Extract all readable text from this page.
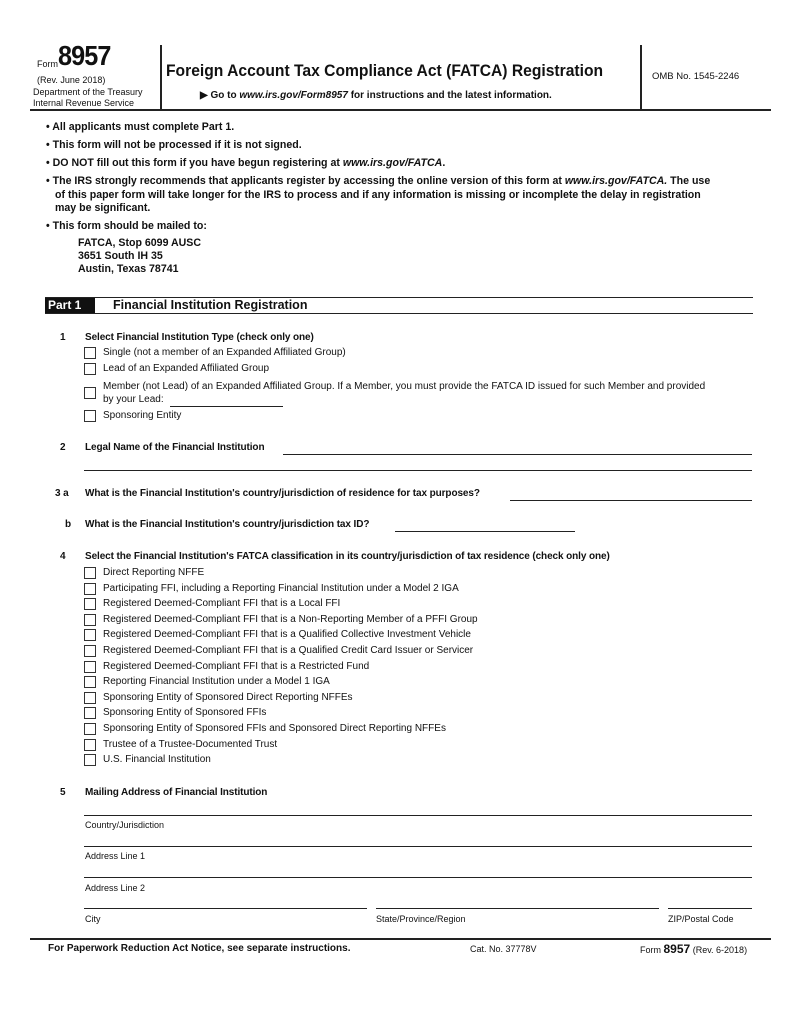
Form 8957
(Rev. June 2018)
Department of the Treasury
Internal Revenue Service
Foreign Account Tax Compliance Act (FATCA) Registration
▶ Go to www.irs.gov/Form8957 for instructions and the latest information.
OMB No. 1545-2246
• All applicants must complete Part 1.
• This form will not be processed if it is not signed.
• DO NOT fill out this form if you have begun registering at www.irs.gov/FATCA.
• The IRS strongly recommends that applicants register by accessing the online version of this form at www.irs.gov/FATCA. The use
of this paper form will take longer for the IRS to process and if any information is missing or incomplete the delay in registration
may be significant.
• This form should be mailed to:
FATCA, Stop 6099 AUSC
3651 South IH 35
Austin, Texas 78741
Part 1	Financial Institution Registration
1 Select Financial Institution Type (check only one)
Single (not a member of an Expanded Affiliated Group)
Lead of an Expanded Affiliated Group
Member (not Lead) of an Expanded Affiliated Group. If a Member, you must provide the FATCA ID issued for such Member and provided
by your Lead:
Sponsoring Entity
2 Legal Name of the Financial Institution
3 a What is the Financial Institution's country/jurisdiction of residence for tax purposes?
b What is the Financial Institution's country/jurisdiction tax ID?
4 Select the Financial Institution's FATCA classification in its country/jurisdiction of tax residence (check only one)
Direct Reporting NFFE
Participating FFI, including a Reporting Financial Institution under a Model 2 IGA
Registered Deemed-Compliant FFI that is a Local FFI
Registered Deemed-Compliant FFI that is a Non-Reporting Member of a PFFI Group
Registered Deemed-Compliant FFI that is a Qualified Collective Investment Vehicle
Registered Deemed-Compliant FFI that is a Qualified Credit Card Issuer or Servicer
Registered Deemed-Compliant FFI that is a Restricted Fund
Reporting Financial Institution under a Model 1 IGA
Sponsoring Entity of Sponsored Direct Reporting NFFEs
Sponsoring Entity of Sponsored FFIs
Sponsoring Entity of Sponsored FFIs and Sponsored Direct Reporting NFFEs
Trustee of a Trustee-Documented Trust
U.S. Financial Institution
5 Mailing Address of Financial Institution
Country/Jurisdiction
Address Line 1
Address Line 2
City	State/Province/Region	ZIP/Postal Code
For Paperwork Reduction Act Notice, see separate instructions.	Cat. No. 37778V	Form 8957 (Rev. 6-2018)
